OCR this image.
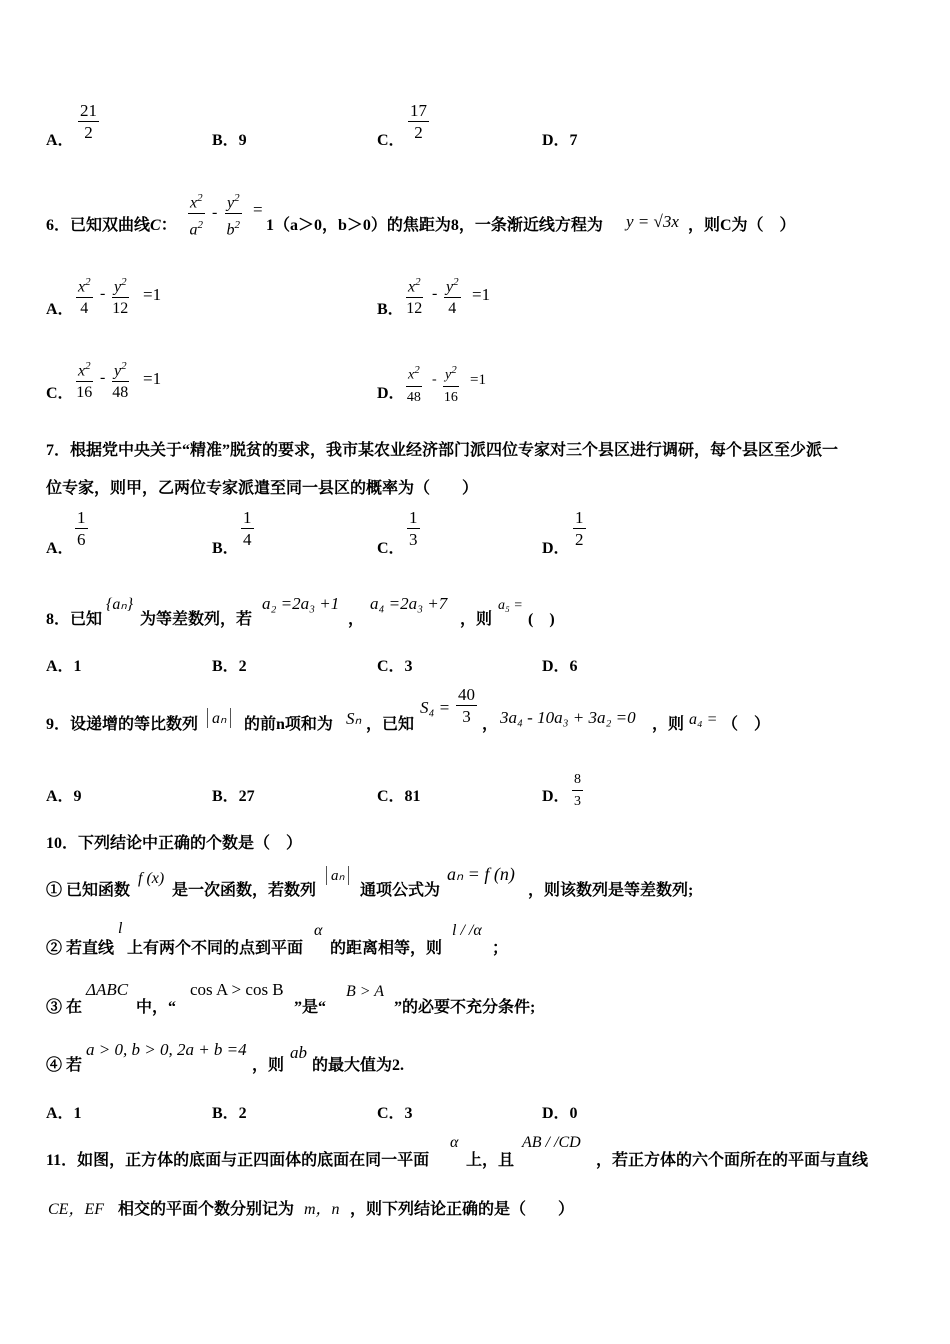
A． $\frac{21}{2}$	B．9	C． $\frac{17}{2}$	D．7
6．已知双曲线C： $\frac{x^2}{a^2} - \frac{y^2}{b^2}$ =
1（a＞0，b＞0）的焦距为8，一条渐近线方程为 y = √3x ，则C为（　）
A． $\frac{x^2}{4} - \frac{y^2}{12} =1$
B． $\frac{x^2}{12} - \frac{y^2}{4} =1$
C． $\frac{x^2}{16} - \frac{y^2}{48} =1$
D． $\frac{x^2}{48} - \frac{y^2}{16} =1$
7．根据党中央关于“精准”脱贫的要求，我市某农业经济部门派四位专家对三个县区进行调研，每个县区至少派一
位专家，则甲，乙两位专家派遣至同一县区的概率为（　　）
A． $\frac{1}{6}$	B． $\frac{1}{4}$	C． $\frac{1}{3}$	D． $\frac{1}{2}$
8．已知
{aₙ}
为等差数列，若
a₂ =2a₃ +1
，
a₄ =2a₃ +7
，则
a₅ =
(　)
A．1	B．2	C．3	D．6
9．设递增的等比数列 aₙ	的前n项和为 Sₙ ，已知
$S_4 = \frac{40}{3}$ ， 3a₄ - 10a₃ + 3a₂ =0 ，则 a₄ = （　）
A．9	B．27	C．81	D． $\frac{8}{3}$
10．下列结论中正确的个数是（　）
① 已知函数
f (x)
是一次函数，若数列
aₙ
通项公式为
aₙ = f (n)
，则该数列是等差数列;
② 若直线
l
上有两个不同的点到平面
α
的距离相等，则
l / /α
；
③ 在
ΔABC
中，“
cos A > cos B
”是“
B > A
”的必要不充分条件;
④ 若
a > 0, b > 0, 2a + b =4
，则
ab
的最大值为2.
A．1	B．2	C．3	D．0
11．如图，正方体的底面与正四面体的底面在同一平面
α
上，且
AB / /CD
，若正方体的六个面所在的平面与直线
CE，EF 相交的平面个数分别记为 m，n ，则下列结论正确的是（　　）
